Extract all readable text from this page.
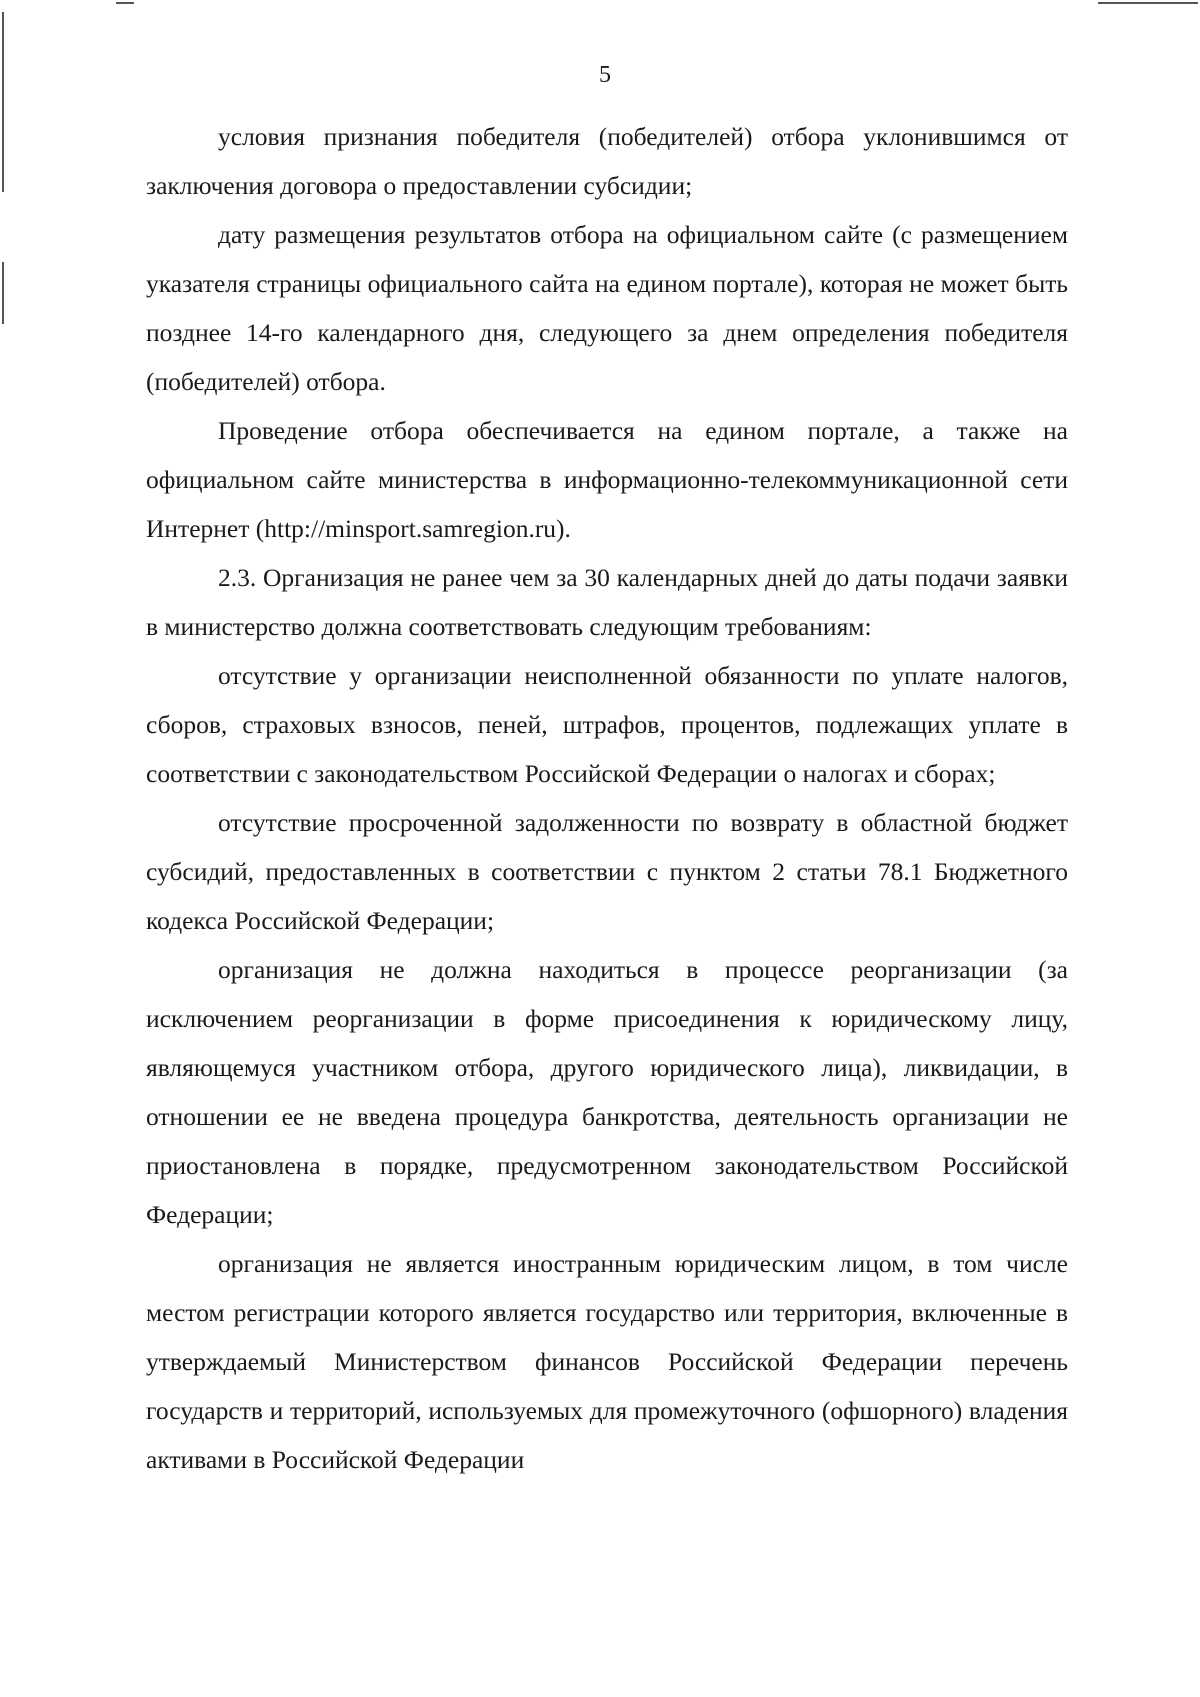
5

условия признания победителя (победителей) отбора уклонившимся от заключения договора о предоставлении субсидии;

дату размещения результатов отбора на официальном сайте (с размещением указателя страницы официального сайта на едином портале), которая не может быть позднее 14-го календарного дня, следующего за днем определения победителя (победителей) отбора.

Проведение отбора обеспечивается на едином портале, а также на официальном сайте министерства в информационно-телекоммуникационной сети Интернет (http://minsport.samregion.ru).

2.3. Организация не ранее чем за 30 календарных дней до даты подачи заявки в министерство должна соответствовать следующим требованиям:

отсутствие у организации неисполненной обязанности по уплате налогов, сборов, страховых взносов, пеней, штрафов, процентов, подлежащих уплате в соответствии с законодательством Российской Федерации о налогах и сборах;

отсутствие просроченной задолженности по возврату в областной бюджет субсидий, предоставленных в соответствии с пунктом 2 статьи 78.1 Бюджетного кодекса Российской Федерации;

организация не должна находиться в процессе реорганизации (за исключением реорганизации в форме присоединения к юридическому лицу, являющемуся участником отбора, другого юридического лица), ликвидации, в отношении ее не введена процедура банкротства, деятельность организации не приостановлена в порядке, предусмотренном законодательством Российской Федерации;

организация не является иностранным юридическим лицом, в том числе местом регистрации которого является государство или территория, включенные в утверждаемый Министерством финансов Российской Федерации перечень государств и территорий, используемых для промежуточного (офшорного) владения активами в Российской Федерации
